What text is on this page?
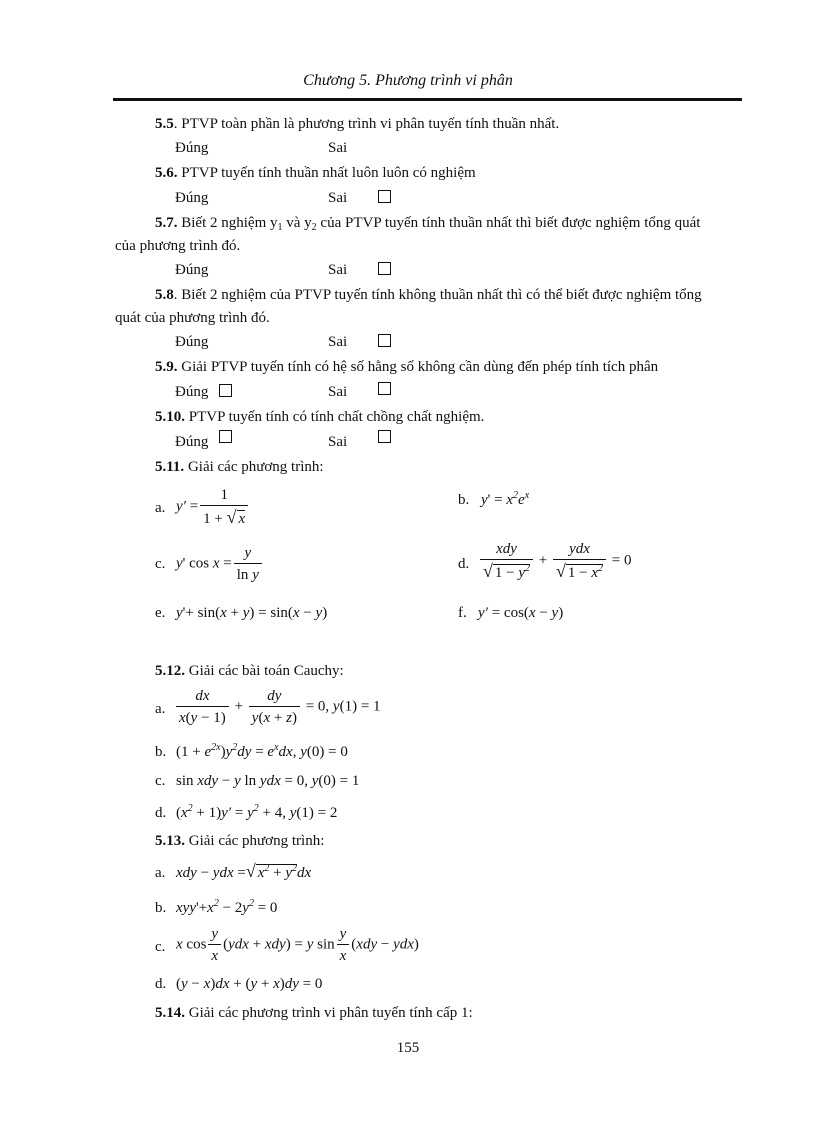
Chương 5. Phương trình vi phân
5.5. PTVP toàn phần là phương trình vi phân tuyến tính thuần nhất.
Đúng	Sai
5.6. PTVP tuyến tính thuần nhất luôn luôn có nghiệm
Đúng	Sai
5.7. Biết 2 nghiệm $y_1$ và $y_2$ của PTVP tuyến tính thuần nhất thì biết được nghiệm tổng quát
của phương trình đó.
Đúng	Sai
5.8. Biết 2 nghiệm của PTVP tuyến tính không thuần nhất thì có thể biết được nghiệm tổng
quát của phương trình đó.
Đúng	Sai
5.9. Giải PTVP tuyến tính có hệ số hằng số không cần dùng đến phép tính tích phân
Đúng	Sai
5.10. PTVP tuyến tính có tính chất chồng chất nghiệm.
Đúng	Sai
5.11. Giải các phương trình:
a. $y' = \frac{1}{1 + √ x}$	b. $y' = x^2e^x$
c. y' $\cos x = \frac{y}{\text{ln y}}$	d. $\frac{\text{xdy}}{√ 1 - y^2} + \frac{\text{ydx}}{√ 1 - x^2} = 0$
e. y'+ sin(x + y) = sin(x − y)	f. y′ = cos(x − y)
5.12. Giải các bài toán Cauchy:
a. $\frac{dx}{x(y - 1)} + \frac{dy}{y(x + z)} = 0$, y(1) = 1
b. $(1 + e^{2x})y^2dy = e^xdx$, y(0) = 0
c. sin xdy − y ln ydx = 0, y(0) = 1
d. $(x^2 + 1)y' = y^2 + 4$, y(1) = 2
5.13. Giải các phương trình:
a. xdy − ydx =√ $x^2 + y^2dx$
b. $xyy'+x^2 - 2y^2 = 0$
c. x $\cos \frac{y}{x} (ydx + xdy) = y$ $\sin \frac{y}{x} (xdy - ydx)$
d. (y − x)dx + (y + x)dy = 0
5.14. Giải các phương trình vi phân tuyến tính cấp 1:
155
